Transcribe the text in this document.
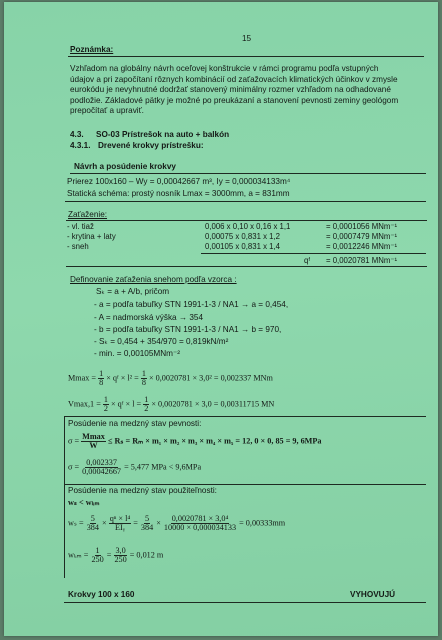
15
Poznámka:
Vzhľadom na globálny návrh oceľovej konštrukcie v rámci programu podľa vstupných
údajov a pri započítaní rôznych kombinácií od zaťažovacích klimatických účinkov v zmysle
eurokódu je nevyhnutné dodržať stanovený minimálny rozmer vzhľadom na odhadované
podložie. Základové pätky je možné po preukázaní a stanovení pevnosti zeminy geológom
prepočítať a upraviť.
4.3. SO-03 Prístrešok na auto + balkón
4.3.1. Drevené krokvy prístrešku:
Návrh a posúdenie krokvy
Prierez 100x160 – Wy = 0,00042667 m³, Iy = 0,000034133m⁴
Statická schéma: prostý nosník Lmax = 3000mm, a = 831mm
Zaťaženie:
- vl. tiaž	0,006 x 0,10 x 0,16 x 1,1	= 0,0001056 MNm⁻¹
- krytina + laty	0,00075 x 0,831 x 1,2	= 0,0007479 MNm⁻¹
- sneh	0,00105 x 0,831 x 1,4	= 0,0012246 MNm⁻¹
qᶠ = 0,0020781 MNm⁻¹
Definovanie zaťaženia snehom podľa vzorca :
Sₖ = a + A/b, pričom
- a = podľa tabuľky STN 1991-1-3 / NA1 → a = 0,454,
- A = nadmorská výška → 354
- b = podľa tabuľky STN 1991-1-3 / NA1 → b = 970,
- Sₖ = 0,454 + 354/970 = 0,819kN/m²
- min. = 0,00105MNm⁻²
$Mmax = \frac{1}{8}$ × qᶠ × $l^2 = \frac{1}{8} \times 0,0020781 \times 3,0^2 = 0,002337$ MNm
$Vmax,1 = \frac{1}{2}$ × qᶠ × $l = \frac{1}{2} \times 0,0020781 \times 3,0 = 0,00311715$ MN
Posúdenie na medzný stav pevnosti:
$\sigma = \frac{Mmax}{W} \le R_s = R_m \times m_1 \times m_2 \times m_3 \times m_4 \times m_5 = 12$, 0 × 0, 85 = 9, 6MPa
$\sigma = \frac{0,002337}{0,00042667} = 5,477$ MPa < 9,6MPa
Posúdenie na medzný stav použiteľnosti:
wₛ < wₗᵢₘ
$w_s = \frac{5}{384} \times \frac{\text{qⁿ × l⁴}}{\text{EIᵧ}} = \frac{5}{384} \times \frac{\text{0,0020781 × 3,0⁴}}{10000 \times 0,000034133} = 0,00333mm$
wₗᵢₘ = $\frac{1}{250} = \frac{3,0}{250} = 0,012$ m
Krokvy 100 x 160	VYHOVUJÚ
